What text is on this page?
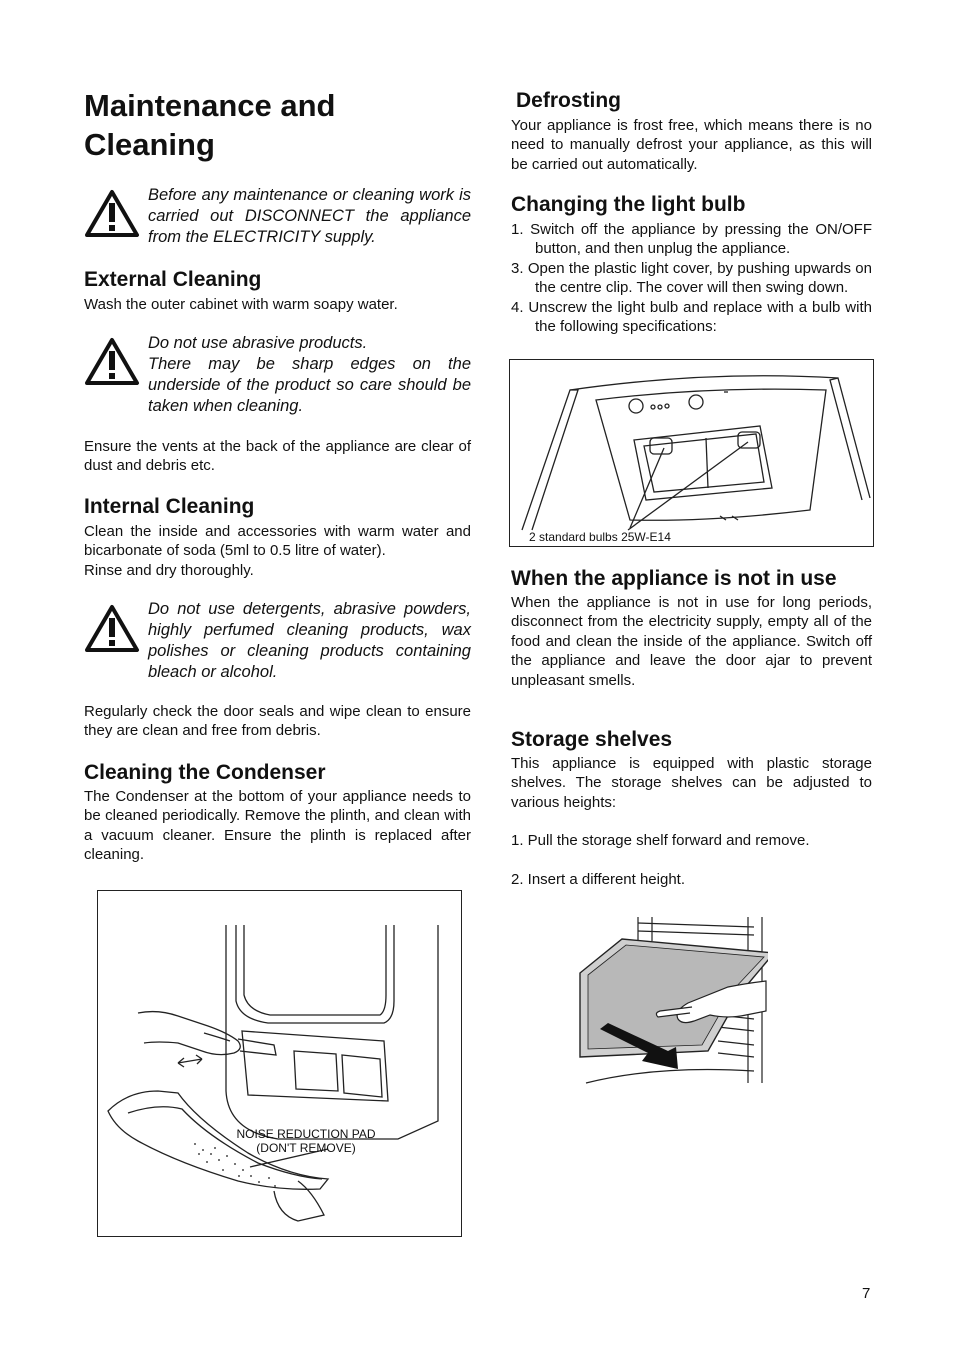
Maintenance and Cleaning
Before any maintenance or cleaning work is carried out DISCONNECT the appliance from the ELECTRICITY supply.
External Cleaning

Wash the outer cabinet with warm soapy water.

Do not use abrasive products.
There may be sharp edges on the underside of the product so care should be taken when cleaning.

Ensure the vents at the back of the appliance are clear of dust and debris etc.

Internal Cleaning

Clean the inside and accessories with warm water and bicarbonate of soda (5ml to 0.5 litre of water).

Rinse and dry thoroughly.

Do not use detergents, abrasive powders, highly perfumed cleaning products, wax polishes or cleaning products containing bleach or alcohol.

Regularly check the door seals and wipe clean to ensure they are clean and free from debris.

Cleaning the Condenser

The Condenser at the bottom of your appliance needs to be cleaned periodically. Remove the plinth, and clean with a vacuum cleaner. Ensure the plinth is replaced after cleaning.

NOISE REDUCTION PAD
(DON'T REMOVE)
Defrosting

Your appliance is frost free, which means there is no need to manually defrost your appliance, as this will be carried out automatically.

Changing the light bulb
1. Switch off the appliance by pressing the ON/OFF button, and then unplug the appliance.
3. Open the plastic light cover, by pushing upwards on the centre clip. The cover will then swing down.
4. Unscrew the light bulb and replace with a bulb with the following specifications:
2 standard bulbs 25W-E14
When the appliance is not in use

When the appliance is not in use for long periods, disconnect from the electricity supply, empty all of the food and clean the inside of the appliance. Switch off the appliance and leave the door ajar to prevent unpleasant smells.

Storage shelves

This appliance is equipped with plastic storage shelves. The storage shelves can be adjusted to various heights:

1. Pull the storage shelf forward and remove.

2. Insert a different height.

7
